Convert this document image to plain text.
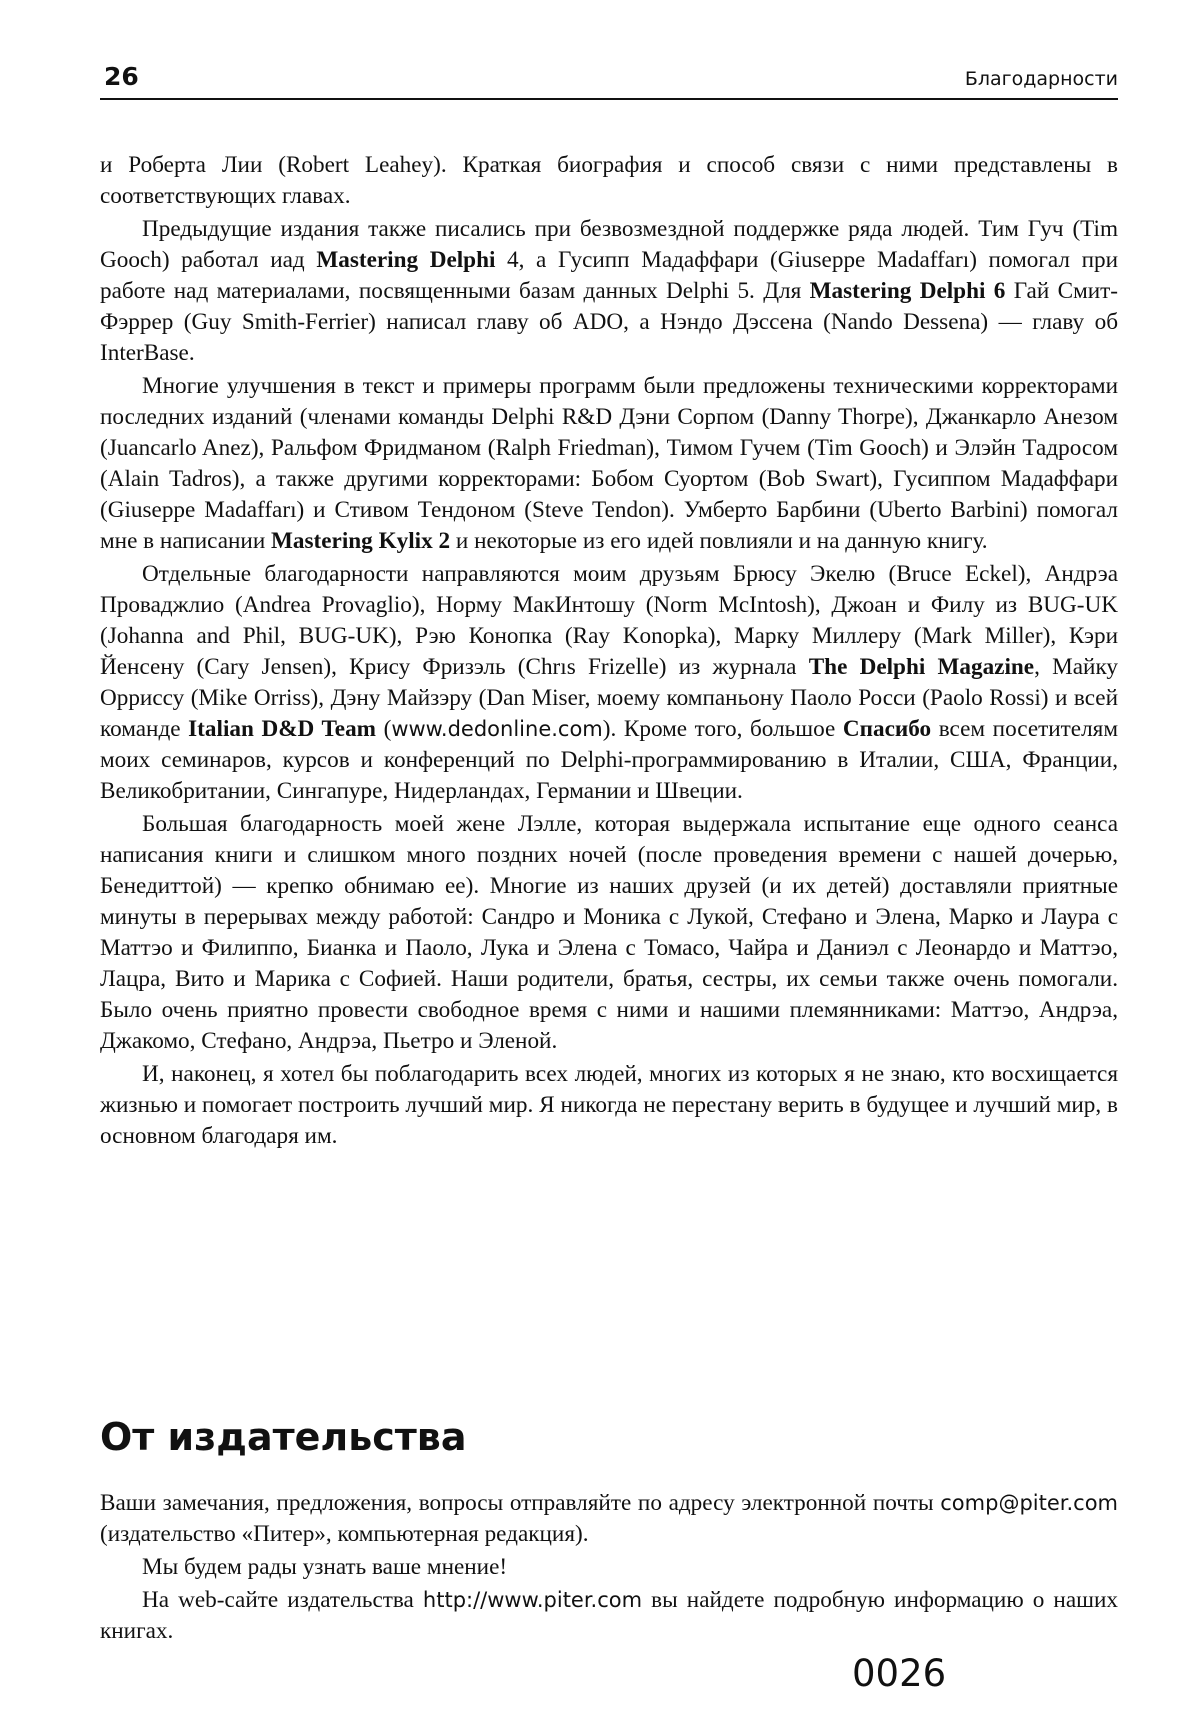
26	Благодарности

и Роберта Лии (Robert Leahey). Краткая биография и способ связи с ними представлены в соответствующих главах.

Предыдущие издания также писались при безвозмездной поддержке ряда людей. Тим Гуч (Tim Gooch) работал иад Mastering Delphi 4, а Гусипп Мадаффари (Giuseppe Madaffarı) помогал при работе над материалами, посвященными базам данных Delphi 5. Для Mastering Delphi 6 Гай Смит-Фэррер (Guy Smith-Ferrier) написал главу об ADO, а Нэндо Дэссена (Nando Dessena) — главу об InterBase.

Многие улучшения в текст и примеры программ были предложены техническими корректорами последних изданий (членами команды Delphi R&D Дэни Сорпом (Danny Thorpe), Джанкарло Анезом (Juancarlo Anez), Ральфом Фридманом (Ralph Friedman), Тимом Гучем (Tim Gooch) и Элэйн Тадросом (Alain Tadros), а также другими корректорами: Бобом Суортом (Bob Swart), Гусиппом Мадаффари (Giuseppe Madaffarı) и Стивом Тендоном (Steve Tendon). Умберто Барбини (Uberto Barbini) помогал мне в написании Mastering Kylix 2 и некоторые из его идей повлияли и на данную книгу.

Отдельные благодарности направляются моим друзьям Брюсу Экелю (Bruce Eckel), Андрэа Проваджлио (Andrea Provaglio), Норму МакИнтошу (Norm McIntosh), Джоан и Филу из BUG-UK (Johanna and Phil, BUG-UK), Рэю Конопка (Ray Konopka), Марку Миллеру (Mark Miller), Кэри Йенсену (Cary Jensen), Крису Фризэль (Chrıs Frizelle) из журнала The Delphi Magazine, Майку Орриссу (Mike Orriss), Дэну Майзэру (Dan Miser, моему компаньону Паоло Росси (Paolo Rossi) и всей команде Italian D&D Team (www.dedonline.com). Кроме того, большое Спасибо всем посетителям моих семинаров, курсов и конференций по Delphi-программированию в Италии, США, Франции, Великобритании, Сингапуре, Нидерландах, Германии и Швеции.

Большая благодарность моей жене Лэлле, которая выдержала испытание еще одного сеанса написания книги и слишком много поздних ночей (после проведения времени с нашей дочерью, Бенедиттой) — крепко обнимаю ее). Многие из наших друзей (и их детей) доставляли приятные минуты в перерывах между работой: Сандро и Моника с Лукой, Стефано и Элена, Марко и Лаура с Маттэо и Филиппо, Бианка и Паоло, Лука и Элена с Томасо, Чайра и Даниэл с Леонардо и Маттэо, Лацра, Вито и Марика с Софией. Наши родители, братья, сестры, их семьи также очень помогали. Было очень приятно провести свободное время с ними и нашими племянниками: Маттэо, Андрэа, Джакомо, Стефано, Андрэа, Пьетро и Эленой.

И, наконец, я хотел бы поблагодарить всех людей, многих из которых я не знаю, кто восхищается жизнью и помогает построить лучший мир. Я никогда не перестану верить в будущее и лучший мир, в основном благодаря им.

От издательства

Ваши замечания, предложения, вопросы отправляйте по адресу электронной почты comp@piter.com (издательство «Питер», компьютерная редакция).

Мы будем рады узнать ваше мнение!

На web-сайте издательства http://www.piter.com вы найдете подробную информацию о наших книгах.

0026
